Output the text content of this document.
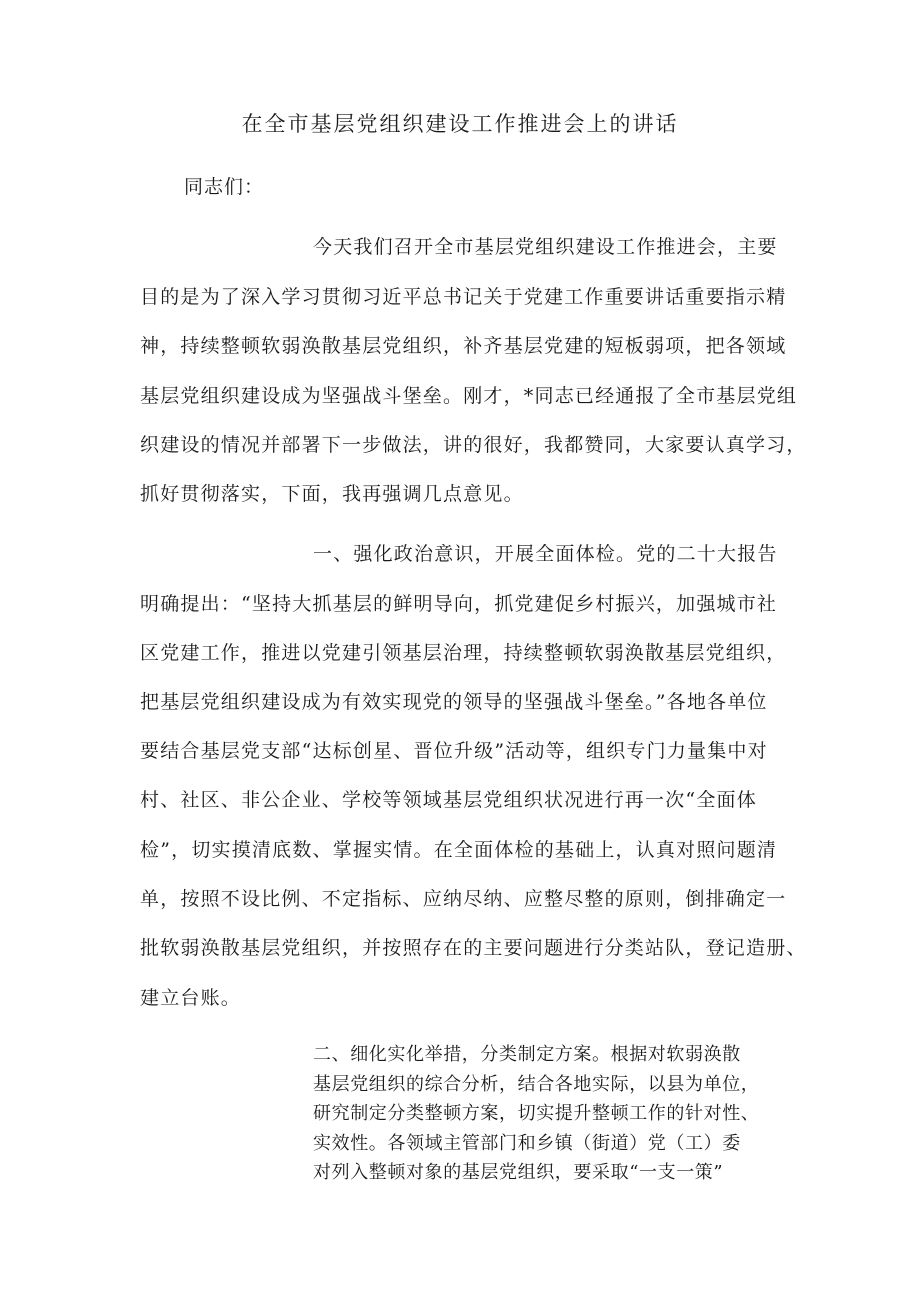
在全市基层党组织建设工作推进会上的讲话
同志们：
今天我们召开全市基层党组织建设工作推进会，主要
目的是为了深入学习贯彻习近平总书记关于党建工作重要讲话重要指示精
神，持续整顿软弱涣散基层党组织，补齐基层党建的短板弱项，把各领域
基层党组织建设成为坚强战斗堡垒。刚才，*同志已经通报了全市基层党组
织建设的情况并部署下一步做法，讲的很好，我都赞同，大家要认真学习，
抓好贯彻落实，下面，我再强调几点意见。
一、强化政治意识，开展全面体检。党的二十大报告
明确提出：“坚持大抓基层的鲜明导向，抓党建促乡村振兴，加强城市社
区党建工作，推进以党建引领基层治理，持续整顿软弱涣散基层党组织，
把基层党组织建设成为有效实现党的领导的坚强战斗堡垒。”各地各单位
要结合基层党支部“达标创星、晋位升级”活动等，组织专门力量集中对
村、社区、非公企业、学校等领域基层党组织状况进行再一次“全面体
检”，切实摸清底数、掌握实情。在全面体检的基础上，认真对照问题清
单，按照不设比例、不定指标、应纳尽纳、应整尽整的原则，倒排确定一
批软弱涣散基层党组织，并按照存在的主要问题进行分类站队，登记造册、
建立台账。
二、细化实化举措，分类制定方案。根据对软弱涣散
基层党组织的综合分析，结合各地实际，以县为单位，
研究制定分类整顿方案，切实提升整顿工作的针对性、
实效性。各领域主管部门和乡镇（街道）党（工）委
对列入整顿对象的基层党组织，要采取“一支一策”
